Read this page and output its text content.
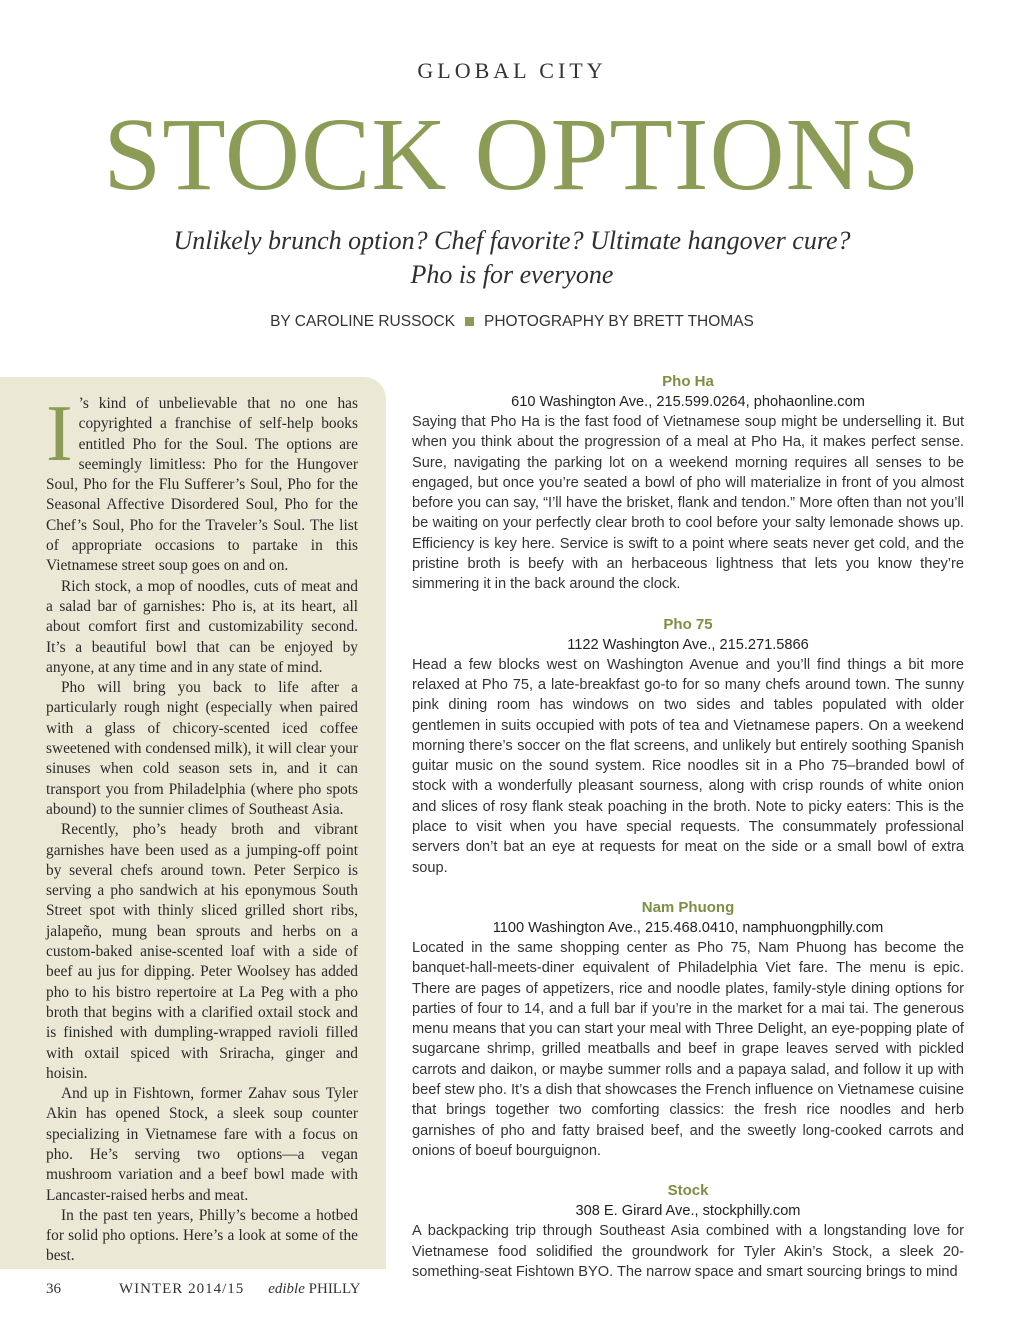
GLOBAL CITY
STOCK OPTIONS
Unlikely brunch option? Chef favorite? Ultimate hangover cure?
Pho is for everyone
BY CAROLINE RUSSOCK PHOTOGRAPHY BY BRETT THOMAS

I ’s kind of unbelievable that no one has copyrighted a franchise of self-help books entitled Pho for the Soul. The options are seemingly limitless: Pho for the Hungover Soul, Pho for the Flu Sufferer’s Soul, Pho for the Seasonal Affective Disordered Soul, Pho for the Chef’s Soul, Pho for the Traveler’s Soul. The list of appropriate occasions to partake in this Vietnamese street soup goes on and on.

Rich stock, a mop of noodles, cuts of meat and a salad bar of garnishes: Pho is, at its heart, all about comfort first and customizability second. It’s a beautiful bowl that can be enjoyed by anyone, at any time and in any state of mind.

Pho will bring you back to life after a particularly rough night (especially when paired with a glass of chicory-scented iced coffee sweetened with condensed milk), it will clear your sinuses when cold season sets in, and it can transport you from Philadelphia (where pho spots abound) to the sunnier climes of Southeast Asia.

Recently, pho’s heady broth and vibrant garnishes have been used as a jumping-off point by several chefs around town. Peter Serpico is serving a pho sandwich at his eponymous South Street spot with thinly sliced grilled short ribs, jalapeño, mung bean sprouts and herbs on a custom-baked anise-scented loaf with a side of beef au jus for dipping. Peter Woolsey has added pho to his bistro repertoire at La Peg with a pho broth that begins with a clarified oxtail stock and is finished with dumpling-wrapped ravioli filled with oxtail spiced with Sriracha, ginger and hoisin.

And up in Fishtown, former Zahav sous Tyler Akin has opened Stock, a sleek soup counter specializing in Vietnamese fare with a focus on pho. He’s serving two options—a vegan mushroom variation and a beef bowl made with Lancaster-raised herbs and meat.

In the past ten years, Philly’s become a hotbed for solid pho options. Here’s a look at some of the best.

Pho Ha

610 Washington Ave., 215.599.0264, phohaonline.com

Saying that Pho Ha is the fast food of Vietnamese soup might be underselling it. But when you think about the progression of a meal at Pho Ha, it makes perfect sense. Sure, navigating the parking lot on a weekend morning requires all senses to be engaged, but once you’re seated a bowl of pho will materialize in front of you almost before you can say, “I’ll have the brisket, flank and tendon.” More often than not you’ll be waiting on your perfectly clear broth to cool before your salty lemonade shows up. Efficiency is key here. Service is swift to a point where seats never get cold, and the pristine broth is beefy with an herbaceous lightness that lets you know they’re simmering it in the back around the clock.

Pho 75

1122 Washington Ave., 215.271.5866

Head a few blocks west on Washington Avenue and you’ll find things a bit more relaxed at Pho 75, a late-breakfast go-to for so many chefs around town. The sunny pink dining room has windows on two sides and tables populated with older gentlemen in suits occupied with pots of tea and Vietnamese papers. On a weekend morning there’s soccer on the flat screens, and unlikely but entirely soothing Spanish guitar music on the sound system. Rice noodles sit in a Pho 75–branded bowl of stock with a wonderfully pleasant sourness, along with crisp rounds of white onion and slices of rosy flank steak poaching in the broth. Note to picky eaters: This is the place to visit when you have special requests. The consummately professional servers don’t bat an eye at requests for meat on the side or a small bowl of extra soup.

Nam Phuong

1100 Washington Ave., 215.468.0410, namphuongphilly.com

Located in the same shopping center as Pho 75, Nam Phuong has become the banquet-hall-meets-diner equivalent of Philadelphia Viet fare. The menu is epic. There are pages of appetizers, rice and noodle plates, family-style dining options for parties of four to 14, and a full bar if you’re in the market for a mai tai. The generous menu means that you can start your meal with Three Delight, an eye-popping plate of sugarcane shrimp, grilled meatballs and beef in grape leaves served with pickled carrots and daikon, or maybe summer rolls and a papaya salad, and follow it up with beef stew pho. It’s a dish that showcases the French influence on Vietnamese cuisine that brings together two comforting classics: the fresh rice noodles and herb garnishes of pho and fatty braised beef, and the sweetly long-cooked carrots and onions of boeuf bourguignon.

Stock

308 E. Girard Ave., stockphilly.com

A backpacking trip through Southeast Asia combined with a longstanding love for Vietnamese food solidified the groundwork for Tyler Akin’s Stock, a sleek 20-something-seat Fishtown BYO. The narrow space and smart sourcing brings to mind

36	WINTER 2014/15 edible PHILLY
